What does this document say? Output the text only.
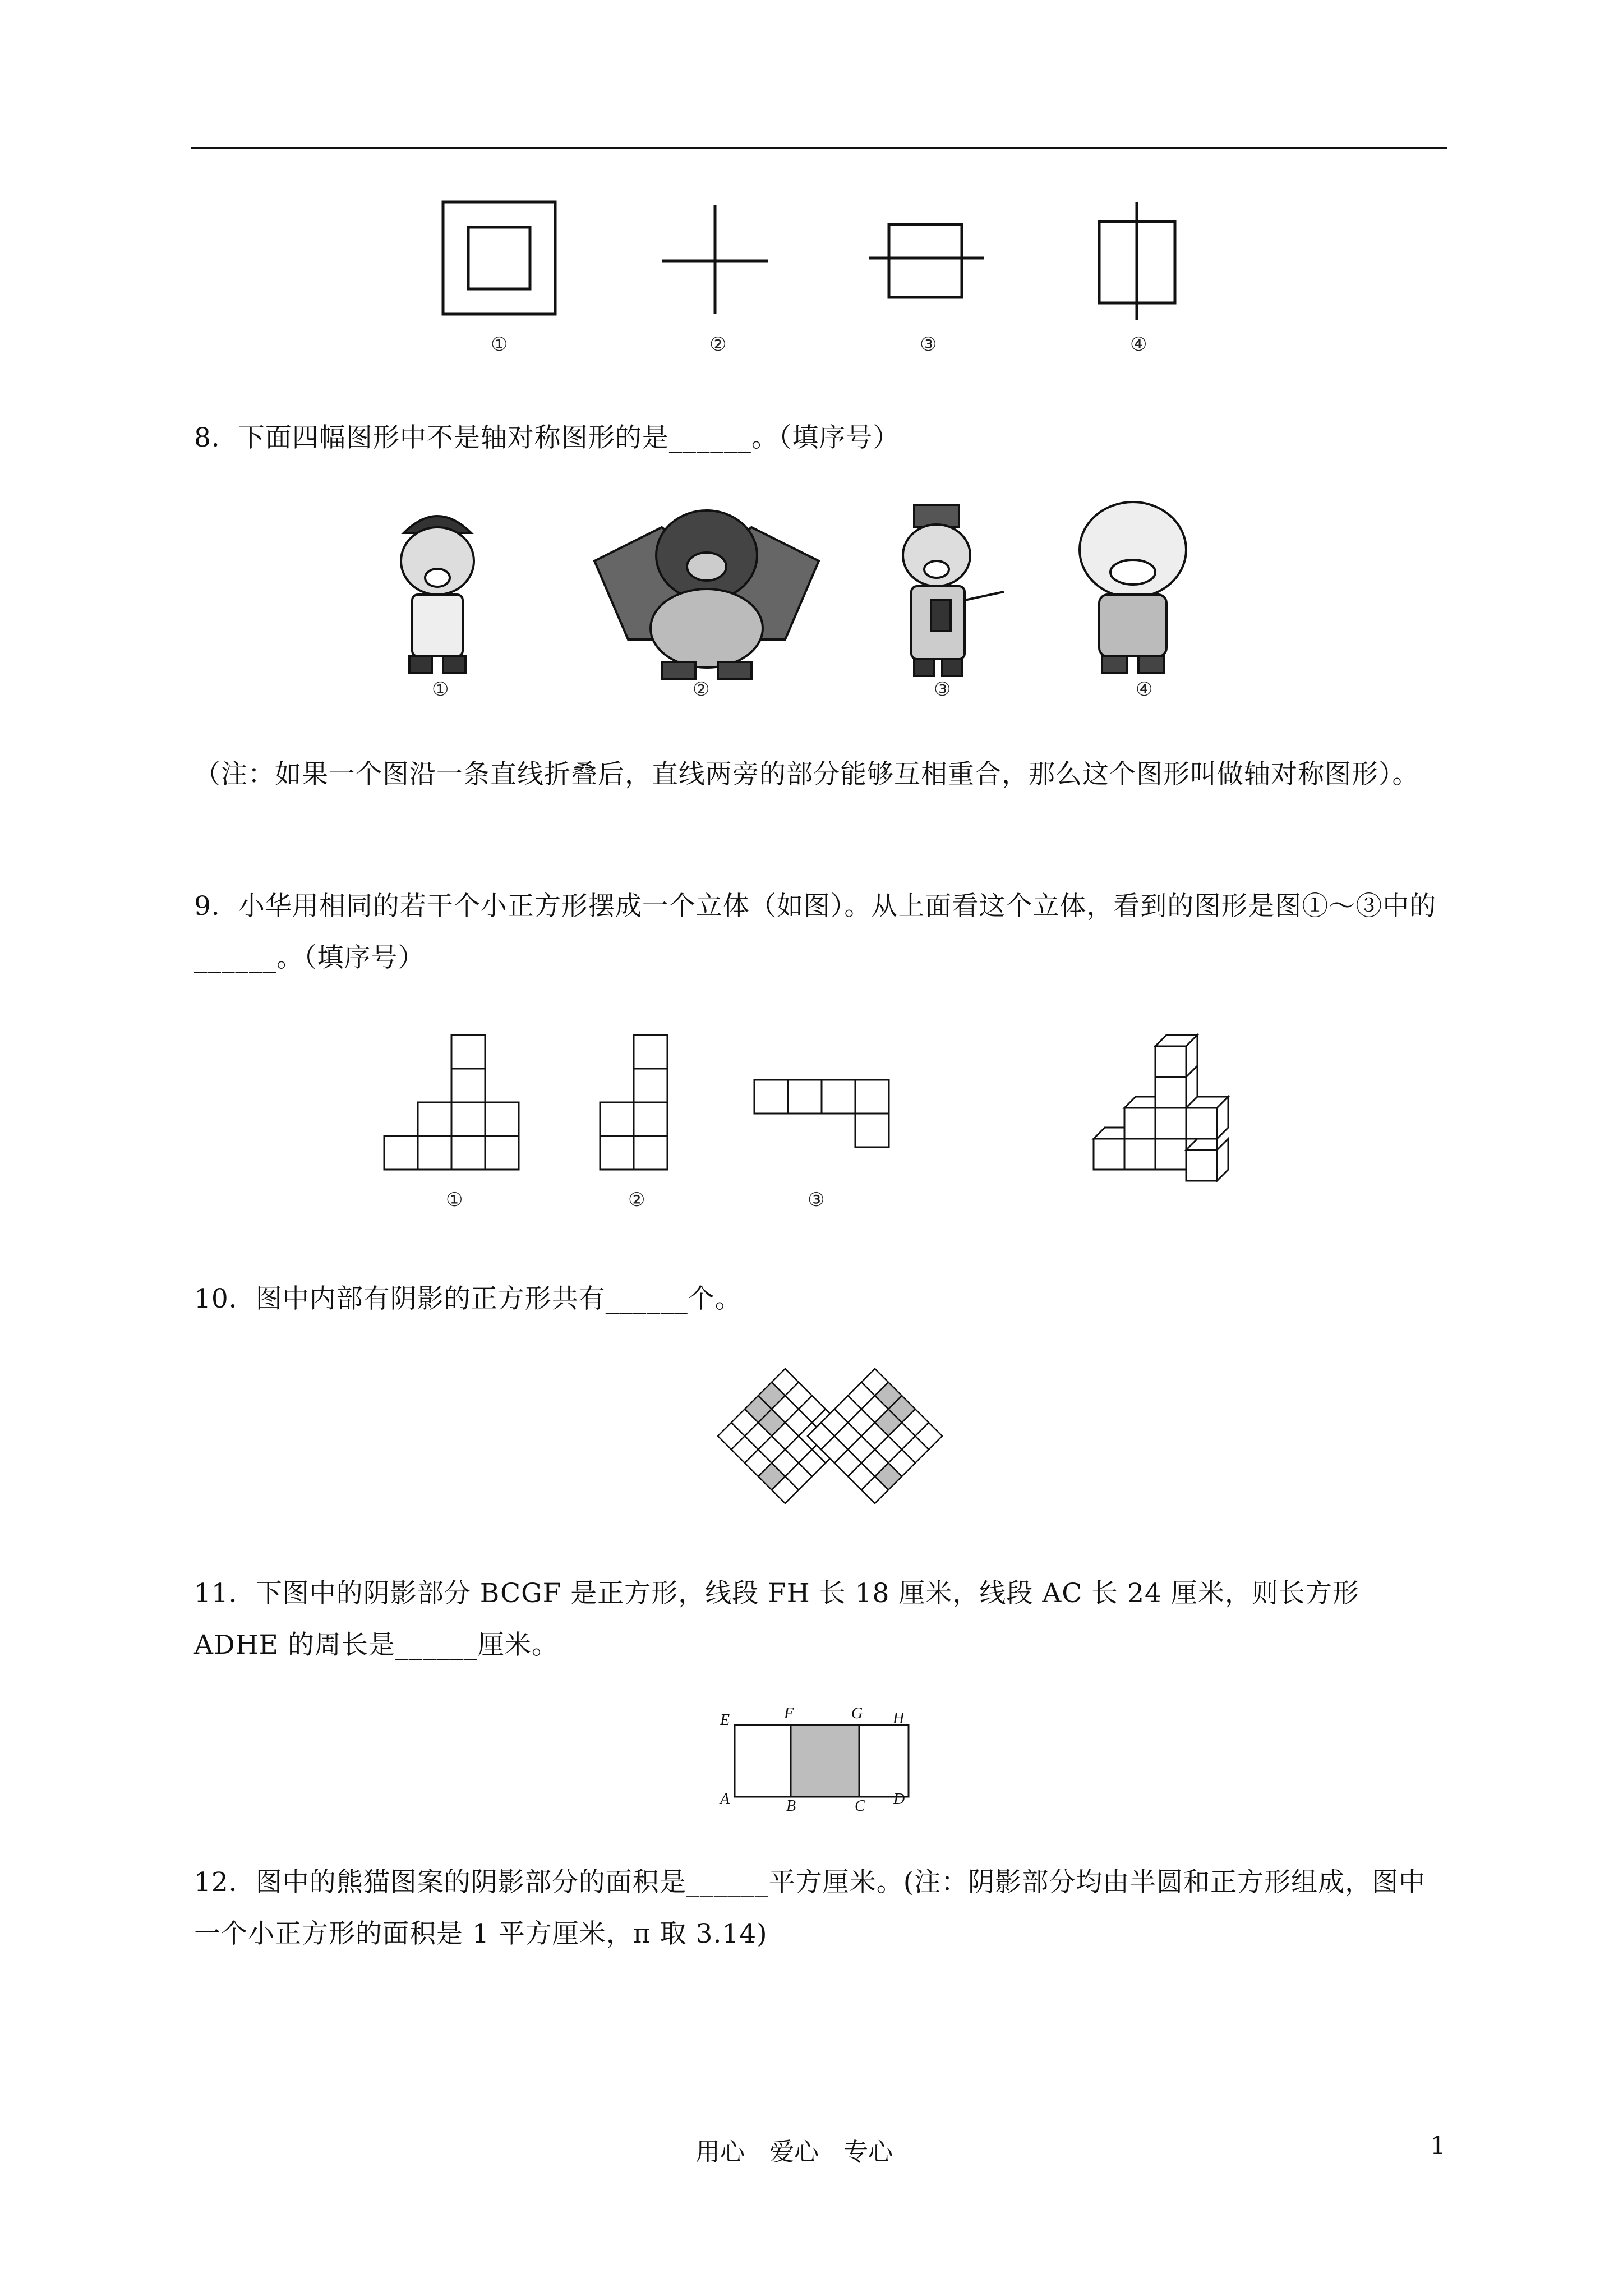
①	②	③	④
8．下面四幅图形中不是轴对称图形的是______。（填序号）
①	②	③	④
（注：如果一个图沿一条直线折叠后，直线两旁的部分能够互相重合，那么这个图形叫做轴对称图形）。
9．小华用相同的若干个小正方形摆成一个立体（如图）。从上面看这个立体，看到的图形是图①～③中的______。（填序号）
①	②	③
10．图中内部有阴影的正方形共有______个。
11．下图中的阴影部分 BCGF 是正方形，线段 FH 长 18 厘米，线段 AC 长 24 厘米，则长方形 ADHE 的周长是______厘米。
E	F	G H
A	B	C D
12．图中的熊猫图案的阴影部分的面积是______平方厘米。(注：阴影部分均由半圆和正方形组成，图中一个小正方形的面积是 1 平方厘米，π 取 3.14)
用心　爱心　专心	1
